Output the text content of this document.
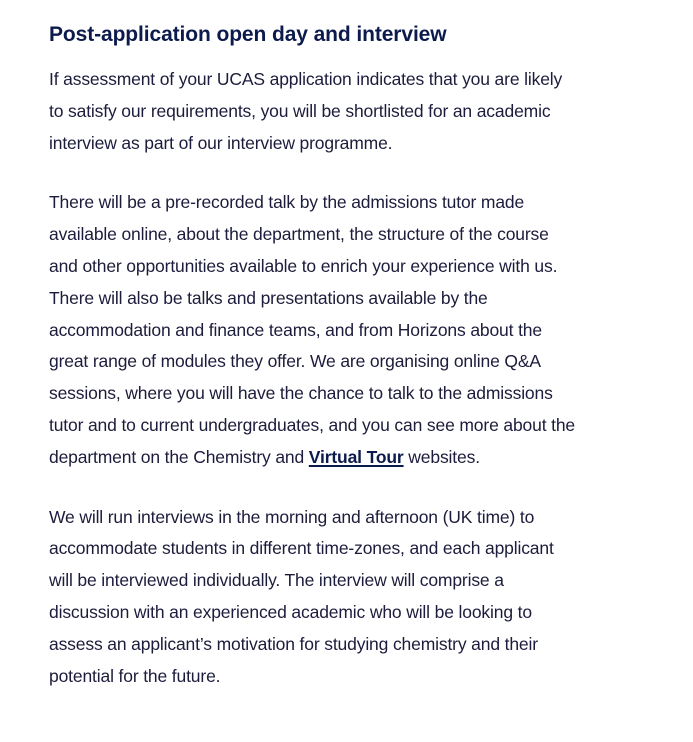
Post-application open day and interview

If assessment of your UCAS application indicates that you are likely to satisfy our requirements, you will be shortlisted for an academic interview as part of our interview programme.

There will be a pre-recorded talk by the admissions tutor made available online, about the department, the structure of the course and other opportunities available to enrich your experience with us. There will also be talks and presentations available by the accommodation and finance teams, and from Horizons about the great range of modules they offer. We are organising online Q&A sessions, where you will have the chance to talk to the admissions tutor and to current undergraduates, and you can see more about the department on the Chemistry and Virtual Tour websites.

We will run interviews in the morning and afternoon (UK time) to accommodate students in different time-zones, and each applicant will be interviewed individually. The interview will comprise a discussion with an experienced academic who will be looking to assess an applicant’s motivation for studying chemistry and their potential for the future.
